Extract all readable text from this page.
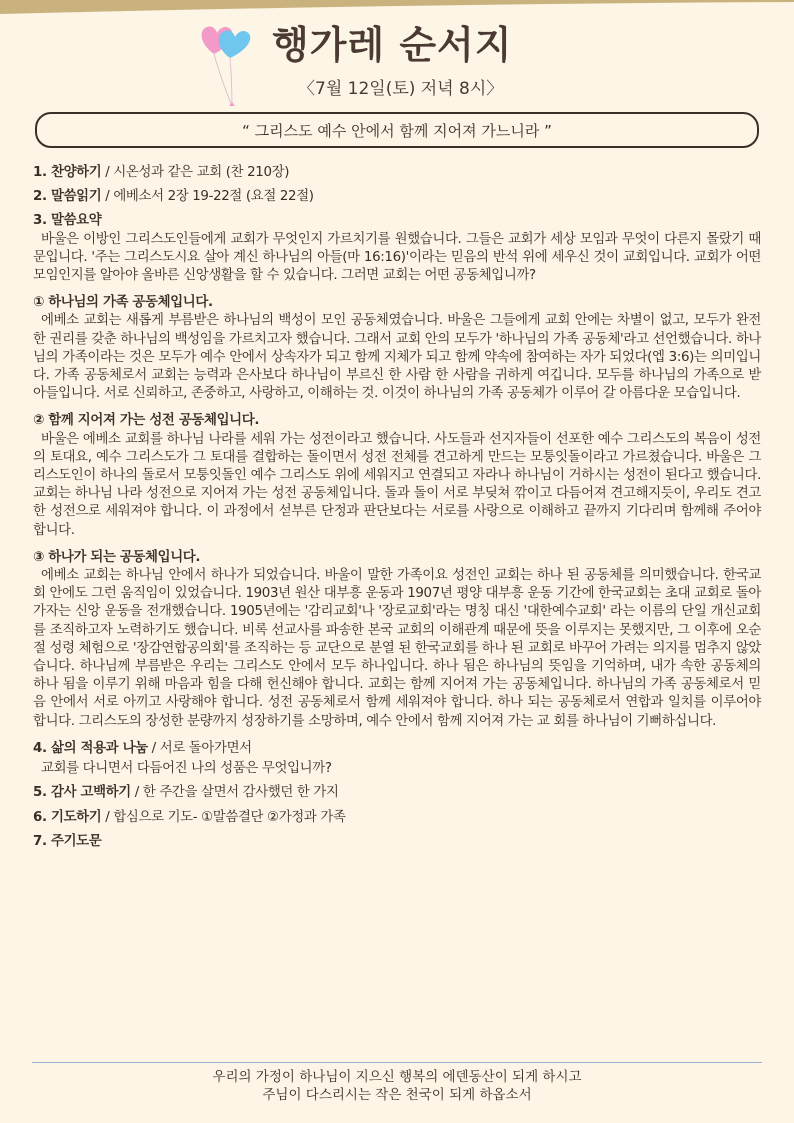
행가레 순서지
〈7월 12일(토) 저녁 8시〉
“ 그리스도 예수 안에서 함께 지어져 가느니라 ”
1. 찬양하기 / 시온성과 같은 교회 (찬 210장)
2. 말씀읽기 / 에베소서 2장 19-22절 (요절 22절)
3. 말씀요약
바울은 이방인 그리스도인들에게 교회가 무엇인지 가르치기를 원했습니다. 그들은 교회가 세상 모임과 무엇이 다른지 몰랐기 때문입니다. '주는 그리스도시요 살아 계신 하나님의 아들(마 16:16)'이라는 믿음의 반석 위에 세우신 것이 교회입니다. 교회가 어떤 모임인지를 알아야 올바른 신앙생활을 할 수 있습니다. 그러면 교회는 어떤 공동체입니까?
① 하나님의 가족 공동체입니다.
에베소 교회는 새롭게 부름받은 하나님의 백성이 모인 공동체였습니다. 바울은 그들에게 교회 안에는 차별이 없고, 모두가 완전한 권리를 갖춘 하나님의 백성임을 가르치고자 했습니다. 그래서 교회 안의 모두가 '하나님의 가족 공동체'라고 선언했습니다. 하나님의 가족이라는 것은 모두가 예수 안에서 상속자가 되고 함께 지체가 되고 함께 약속에 참여하는 자가 되었다(엡 3:6)는 의미입니다. 가족 공동체로서 교회는 능력과 은사보다 하나님이 부르신 한 사람 한 사람을 귀하게 여깁니다. 모두를 하나님의 가족으로 받아들입니다. 서로 신뢰하고, 존중하고, 사랑하고, 이해하는 것. 이것이 하나님의 가족 공동체가 이루어 갈 아름다운 모습입니다.
② 함께 지어져 가는 성전 공동체입니다.
바울은 에베소 교회를 하나님 나라를 세워 가는 성전이라고 했습니다. 사도들과 선지자들이 선포한 예수 그리스도의 복음이 성전의 토대요, 예수 그리스도가 그 토대를 결합하는 돌이면서 성전 전체를 견고하게 만드는 모퉁잇돌이라고 가르쳤습니다. 바울은 그리스도인이 하나의 돌로서 모퉁잇돌인 예수 그리스도 위에 세워지고 연결되고 자라나 하나님이 거하시는 성전이 된다고 했습니다. 교회는 하나님 나라 성전으로 지어져 가는 성전 공동체입니다. 돌과 돌이 서로 부딪쳐 깎이고 다듬어져 견고해지듯이, 우리도 견고한 성전으로 세워져야 합니다. 이 과정에서 섣부른 단정과 판단보다는 서로를 사랑으로 이해하고 끝까지 기다리며 함께해 주어야 합니다.
③ 하나가 되는 공동체입니다.
에베소 교회는 하나님 안에서 하나가 되었습니다. 바울이 말한 가족이요 성전인 교회는 하나 된 공동체를 의미했습니다. 한국교회 안에도 그런 움직임이 있었습니다. 1903년 원산 대부흥 운동과 1907년 평양 대부흥 운동 기간에 한국교회는 초대 교회로 돌아가자는 신앙 운동을 전개했습니다. 1905년에는 '감리교회'나 '장로교회'라는 명칭 대신 '대한예수교회' 라는 이름의 단일 개신교회를 조직하고자 노력하기도 했습니다. 비록 선교사를 파송한 본국 교회의 이해관계 때문에 뜻을 이루지는 못했지만, 그 이후에 오순절 성령 체험으로 '장감연합공의회'를 조직하는 등 교단으로 분열 된 한국교회를 하나 된 교회로 바꾸어 가려는 의지를 멈추지 않았습니다. 하나님께 부름받은 우리는 그리스도 안에서 모두 하나입니다. 하나 됨은 하나님의 뜻임을 기억하며, 내가 속한 공동체의 하나 됨을 이루기 위해 마음과 힘을 다해 헌신해야 합니다. 교회는 함께 지어져 가는 공동체입니다. 하나님의 가족 공동체로서 믿음 안에서 서로 아끼고 사랑해야 합니다. 성전 공동체로서 함께 세워져야 합니다. 하나 되는 공동체로서 연합과 일치를 이루어야 합니다. 그리스도의 장성한 분량까지 성장하기를 소망하며, 예수 안에서 함께 지어져 가는 교 회를 하나님이 기뻐하십니다.
4. 삶의 적용과 나눔 / 서로 돌아가면서
교회를 다니면서 다듬어진 나의 성품은 무엇입니까?
5. 감사 고백하기 / 한 주간을 살면서 감사했던 한 가지
6. 기도하기 / 합심으로 기도- ①말씀결단 ②가정과 가족
7. 주기도문
우리의 가정이 하나님이 지으신 행복의 에덴동산이 되게 하시고
주님이 다스리시는 작은 천국이 되게 하옵소서
